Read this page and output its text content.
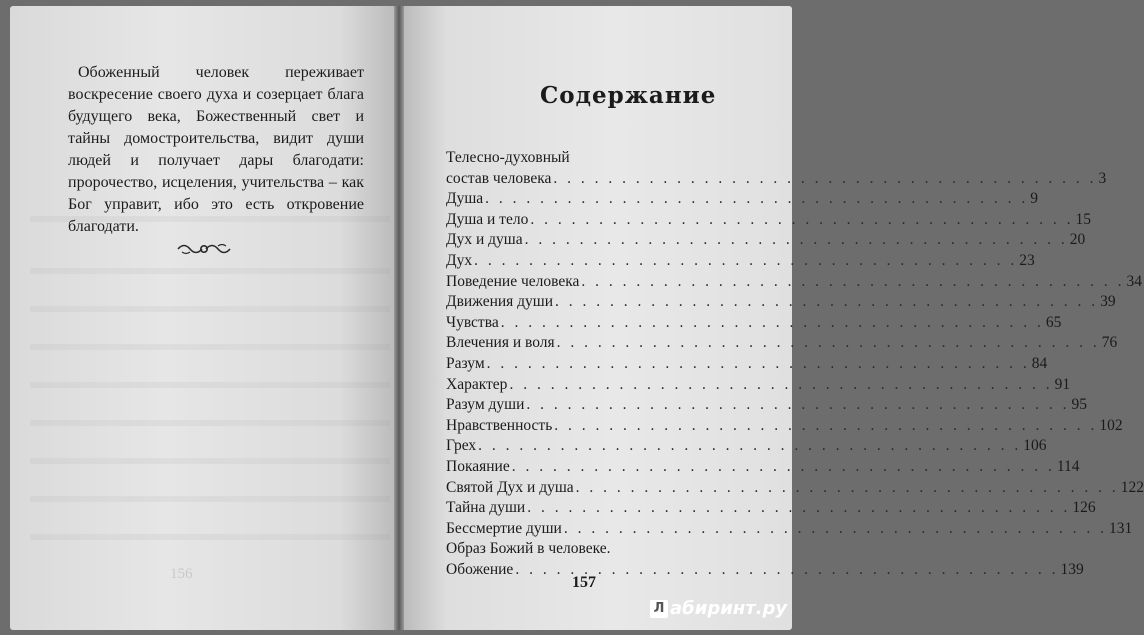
Обоженный человек переживает воскресение своего духа и созерцает блага будущего века, Божественный свет и тайны домостроительства, видит души людей и получает дары благодати: пророчество, исцеления, учительства – как Бог управит, ибо это есть откровение благодати.

156
Содержание
Телесно-духовный
состав человека . . . . . . . . . . . . . . . . . . . . . . . . . . . . . . . . . . . . . . . . 3
Душа . . . . . . . . . . . . . . . . . . . . . . . . . . . . . . . . . . . . . . . . 9
Душа и тело . . . . . . . . . . . . . . . . . . . . . . . . . . . . . . . . . . . . . . . . 15
Дух и душа . . . . . . . . . . . . . . . . . . . . . . . . . . . . . . . . . . . . . . . . 20
Дух . . . . . . . . . . . . . . . . . . . . . . . . . . . . . . . . . . . . . . . . 23
Поведение человека . . . . . . . . . . . . . . . . . . . . . . . . . . . . . . . . . . . . . . . . 34
Движения души . . . . . . . . . . . . . . . . . . . . . . . . . . . . . . . . . . . . . . . . 39
Чувства . . . . . . . . . . . . . . . . . . . . . . . . . . . . . . . . . . . . . . . . 65
Влечения и воля . . . . . . . . . . . . . . . . . . . . . . . . . . . . . . . . . . . . . . . . 76
Разум . . . . . . . . . . . . . . . . . . . . . . . . . . . . . . . . . . . . . . . . 84
Характер . . . . . . . . . . . . . . . . . . . . . . . . . . . . . . . . . . . . . . . . 91
Разум души . . . . . . . . . . . . . . . . . . . . . . . . . . . . . . . . . . . . . . . . 95
Нравственность . . . . . . . . . . . . . . . . . . . . . . . . . . . . . . . . . . . . . . . . 102
Грех . . . . . . . . . . . . . . . . . . . . . . . . . . . . . . . . . . . . . . . . 106
Покаяние . . . . . . . . . . . . . . . . . . . . . . . . . . . . . . . . . . . . . . . . 114
Святой Дух и душа . . . . . . . . . . . . . . . . . . . . . . . . . . . . . . . . . . . . . . . . 122
Тайна души . . . . . . . . . . . . . . . . . . . . . . . . . . . . . . . . . . . . . . . . 126
Бессмертие души . . . . . . . . . . . . . . . . . . . . . . . . . . . . . . . . . . . . . . . . 131
Образ Божий в человеке.
Обожение . . . . . . . . . . . . . . . . . . . . . . . . . . . . . . . . . . . . . . . . 139
157
Л абиринт.ру
